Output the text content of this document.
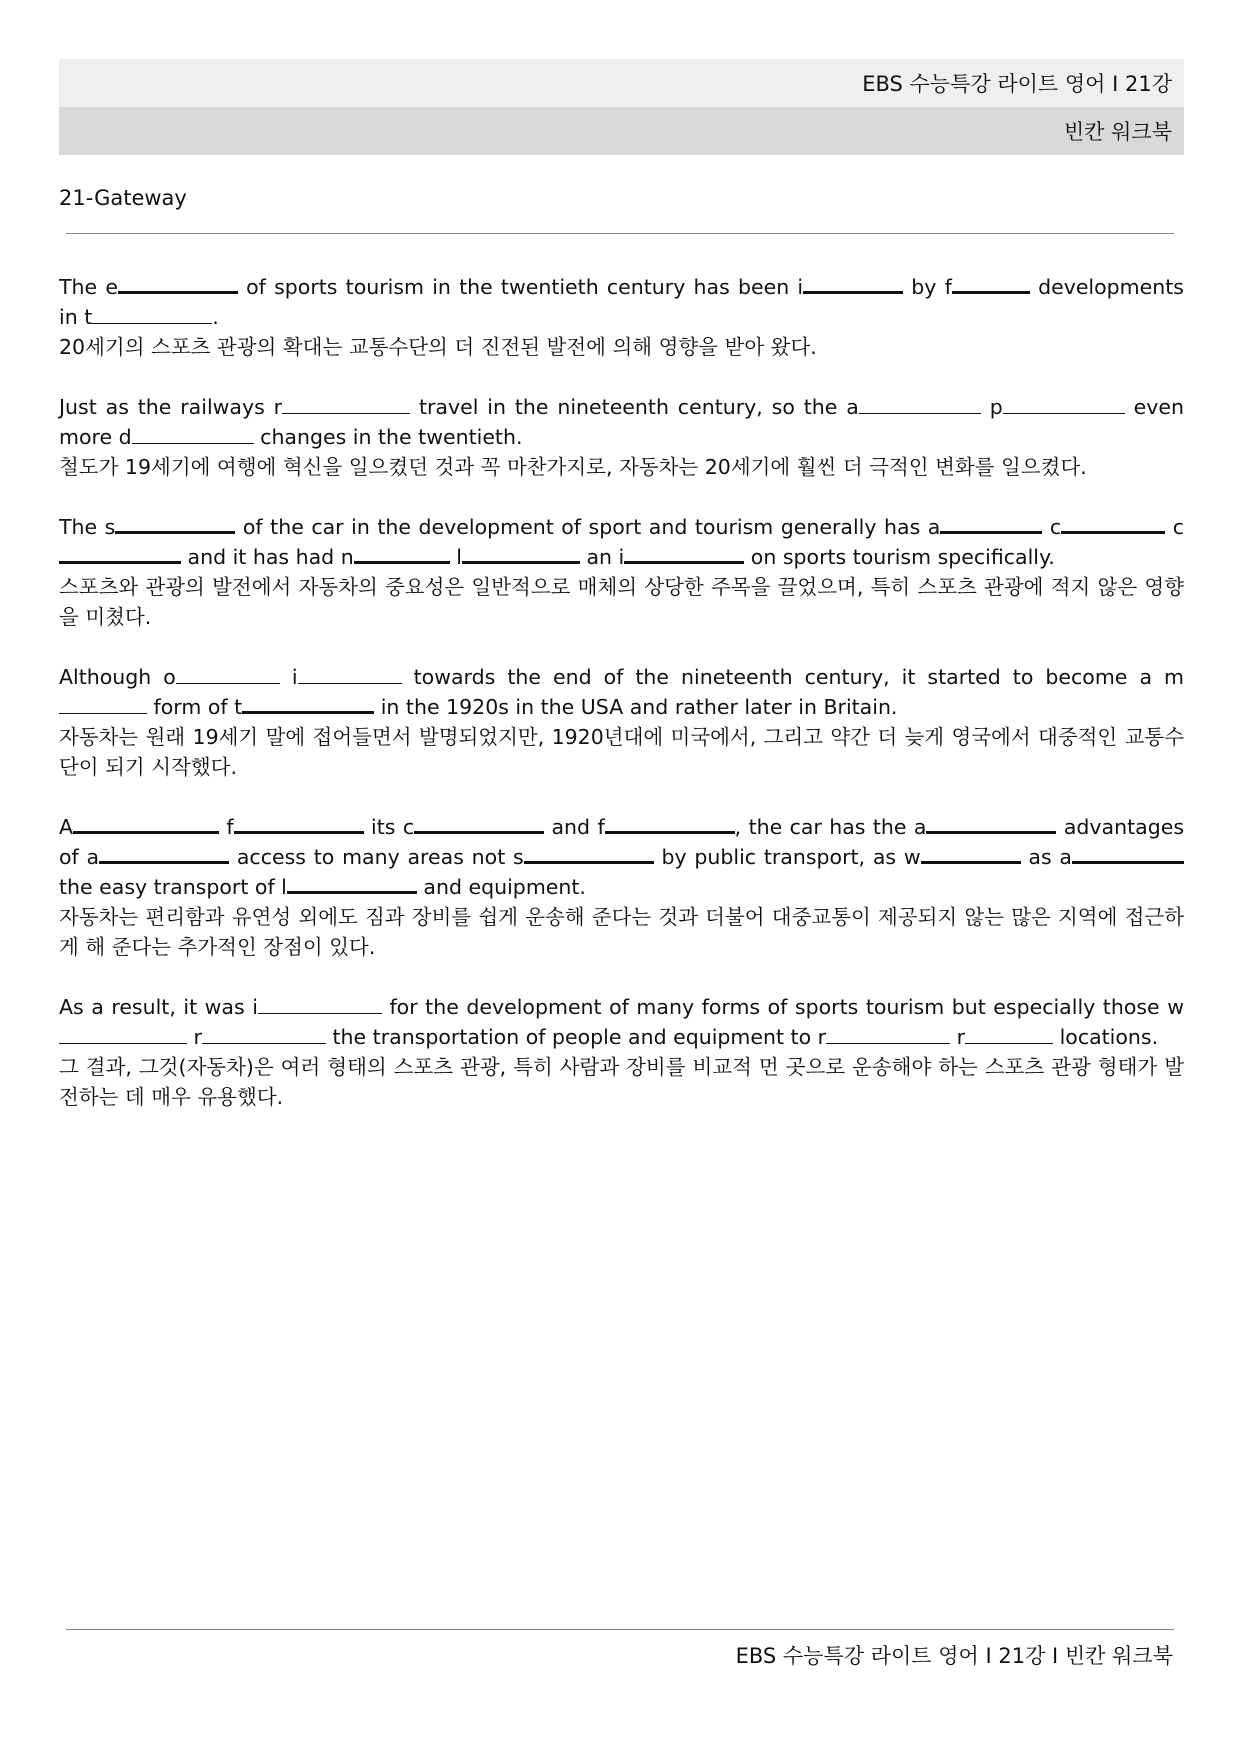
EBS 수능특강 라이트 영어 Ⅰ 21강
빈칸 워크북
21-Gateway

The e	of sports tourism in the twentieth century has been i	by f	developments in t	.

20세기의 스포츠 관광의 확대는 교통수단의 더 진전된 발전에 의해 영향을 받아 왔다.

Just as the railways r	travel in the nineteenth century, so the a	p	even more d	changes in the twentieth.

철도가 19세기에 여행에 혁신을 일으켰던 것과 꼭 마찬가지로, 자동차는 20세기에 훨씬 더 극적인 변화를 일으켰다.

The s	of the car in the development of sport and tourism generally has a	c	c and it has had n	l	an i	on sports tourism specifically.

스포츠와 관광의 발전에서 자동차의 중요성은 일반적으로 매체의 상당한 주목을 끌었으며, 특히 스포츠 관광에 적지 않은 영향을 미쳤다.

Although o	i	towards the end of the nineteenth century, it started to become a m form of t	in the 1920s in the USA and rather later in Britain.

자동차는 원래 19세기 말에 접어들면서 발명되었지만, 1920년대에 미국에서, 그리고 약간 더 늦게 영국에서 대중적인 교통수단이 되기 시작했다.

A	f	its c	and f	, the car has the a	advantages of a	access to many areas not s	by public transport, as w	as a the easy transport of l	and equipment.

자동차는 편리함과 유연성 외에도 짐과 장비를 쉽게 운송해 준다는 것과 더불어 대중교통이 제공되지 않는 많은 지역에 접근하게 해 준다는 추가적인 장점이 있다.

As a result, it was i	for the development of many forms of sports tourism but especially those w r	the transportation of people and equipment to r	r	locations.

그 결과, 그것(자동차)은 여러 형태의 스포츠 관광, 특히 사람과 장비를 비교적 먼 곳으로 운송해야 하는 스포츠 관광 형태가 발전하는 데 매우 유용했다.

EBS 수능특강 라이트 영어 Ⅰ 21강 Ⅰ 빈칸 워크북
